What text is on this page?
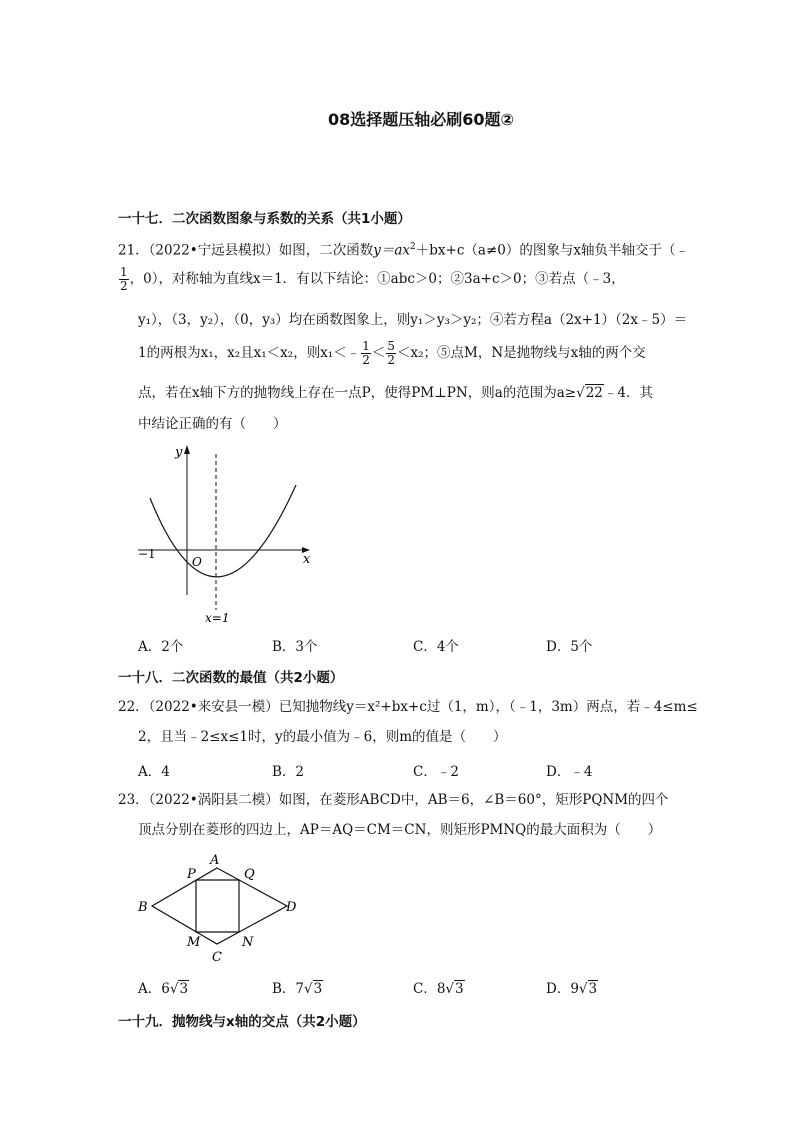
08选择题压轴必刷60题②
一十七．二次函数图象与系数的关系（共1小题）
21．（2022•宁远县模拟）如图，二次函数$y=ax^2+bx+c(a\ne 0)$的图象与x轴负半轴交于（﹣
$\frac{1}{2}$ ，0），对称轴为直线x＝1．有以下结论：①abc＞0；②3a+c＞0；③若点（﹣3，
y₁），（3，y₂），（0，y₃）均在函数图象上，则y₁＞y₃＞y₂；④若方程a（2x+1）（2x﹣5）＝
1的两根为x₁，x₂且x₁＜x₂，则x₁＜﹣ $\frac{1}{2} < \frac{5}{2} <x_2$；⑤点M，N是抛物线与x轴的两个交
点，若在x轴下方的抛物线上存在一点P，使得PM⊥PN，则a的范围为a≥√22﹣4．其
中结论正确的有（　　）
y
x
O
−1
x=1
A．2个	B．3个	C．4个	D．5个
一十八．二次函数的最值（共2小题）
22．（2022•来安县一模）已知抛物线y＝x²+bx+c过（1，m），（﹣1，3m）两点，若﹣4≤m≤
2，且当﹣2≤x≤1时，y的最小值为﹣6，则m的值是（　　）
A．4	B．2	C．﹣2	D．﹣4
23．（2022•涡阳县二模）如图，在菱形ABCD中，AB＝6，∠B＝60°，矩形PQNM的四个
顶点分别在菱形的四边上，AP＝AQ＝CM＝CN，则矩形PMNQ的最大面积为（　　）
A
B
C
D
P	Q
M	N
A．6√3	B．7√3	C．8√3	D．9√3
一十九．抛物线与x轴的交点（共2小题）
